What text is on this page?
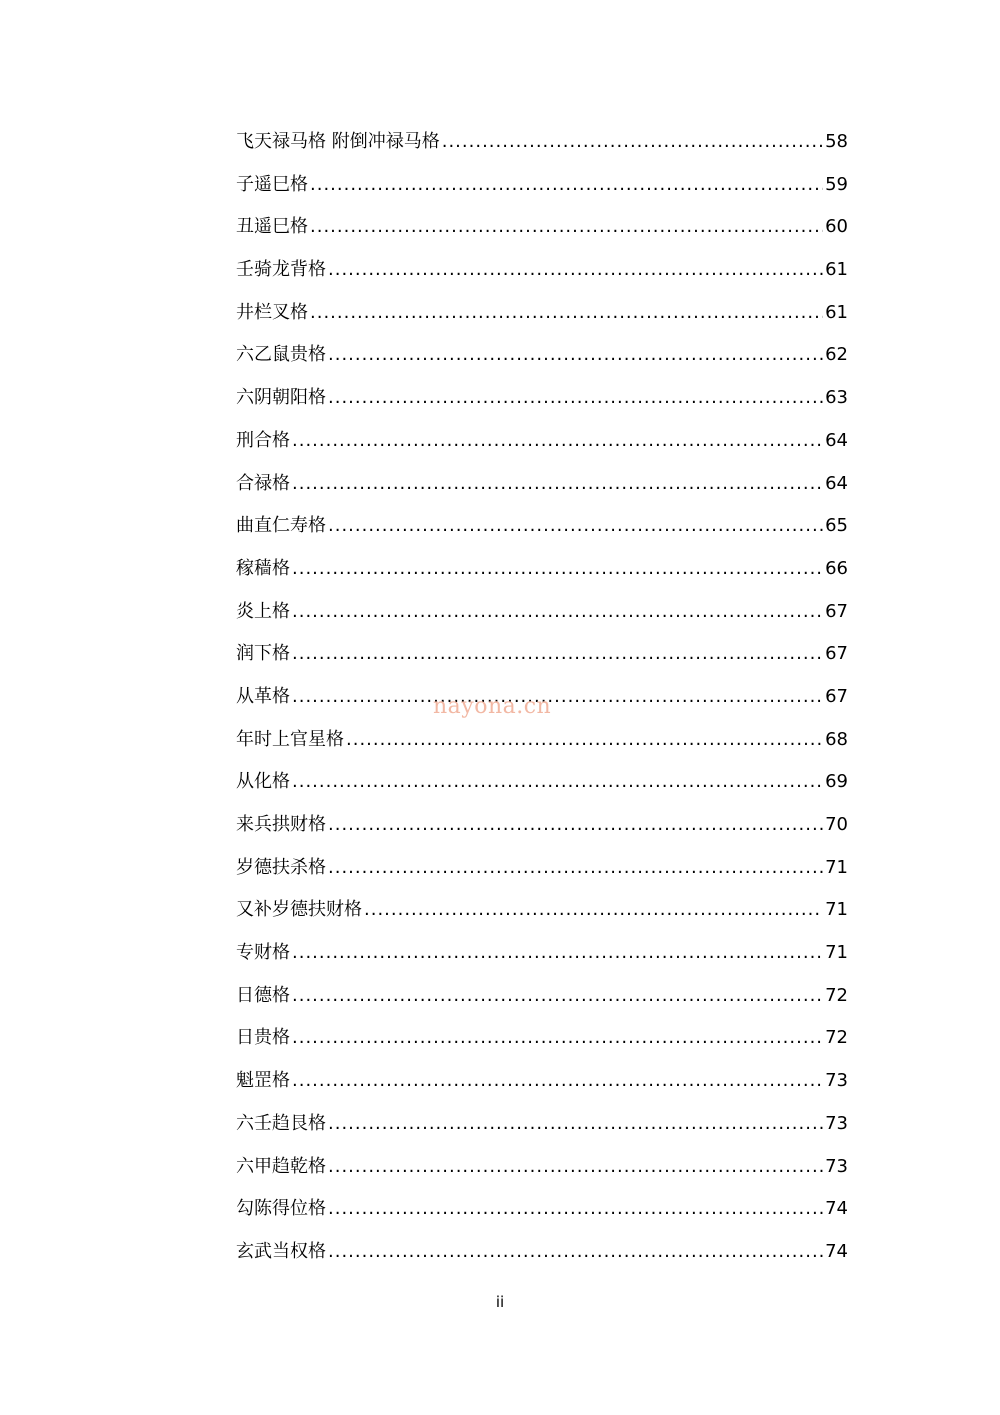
飞天禄马格 附倒冲禄马格 .....	58
子遥巳格 .....	59
丑遥巳格 .....	60
壬骑龙背格 .....	61
井栏叉格 .....	61
六乙鼠贵格 .....	62
六阴朝阳格 .....	63
刑合格 .....	64
合禄格 .....	64
曲直仁寿格 .....	65
稼穑格 .....	66
炎上格 .....	67
润下格 .....	67
从革格 .....	67
年时上官星格 .....	68
从化格 .....	69
来兵拱财格 .....	70
岁德扶杀格 .....	71
又补岁德扶财格 .....	71
专财格 .....	71
日德格 .....	72
日贵格 .....	72
魁罡格 .....	73
六壬趋艮格 .....	73
六甲趋乾格 .....	73
勾陈得位格 .....	74
玄武当权格 .....	74
nayona.cn
ii
